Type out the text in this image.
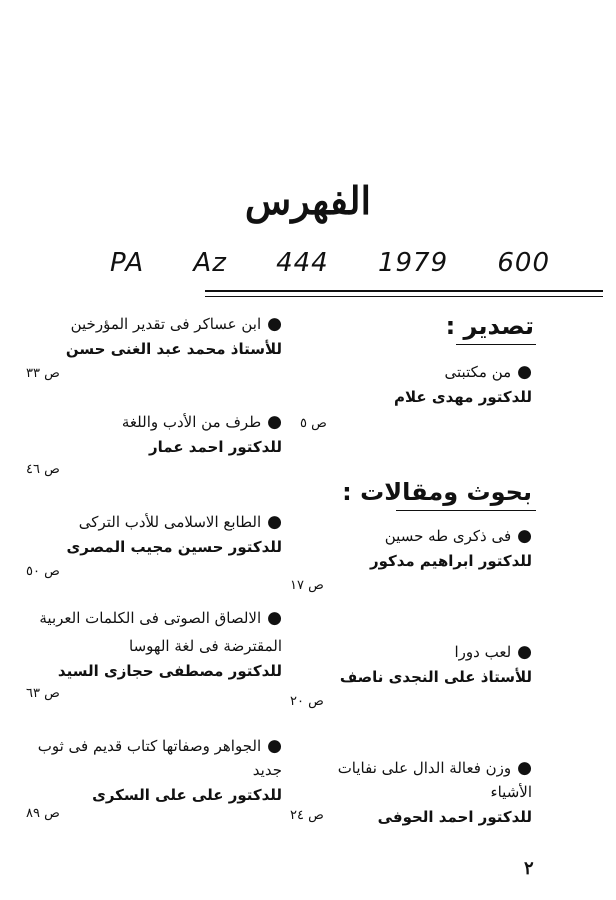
الفهرس
PA Az 444 1979 600
تصدير :
●من مكتبتى
للدكتور مهدى علام
ص ٥
بحوث ومقالات :
●فى ذكرى طه حسين
للدكتور ابراهيم مدكور
ص ١٧
●لعب دورا
للأستاذ على النجدى ناصف
ص ٢٠
●وزن فعالة الدال على نفايات الأشياء
للدكتور احمد الحوفى
ص ٢٤
●ابن عساكر فى تقدير المؤرخين
للأستاذ محمد عبد الغنى حسن
ص ٣٣
●طرف من الأدب واللغة
للدكتور احمد عمار
ص ٤٦
●الطابع الاسلامى للأدب التركى
للدكتور حسين مجيب المصرى
ص ٥٠
●الالصاق الصوتى فى الكلمات العربية
المقترضة فى لغة الهوسا
للدكتور مصطفى حجازى السيد
ص ٦٣
●الجواهر وصفاتها كتاب قديم فى ثوب
جديد
للدكتور على على السكرى
ص ٨٩
٢
